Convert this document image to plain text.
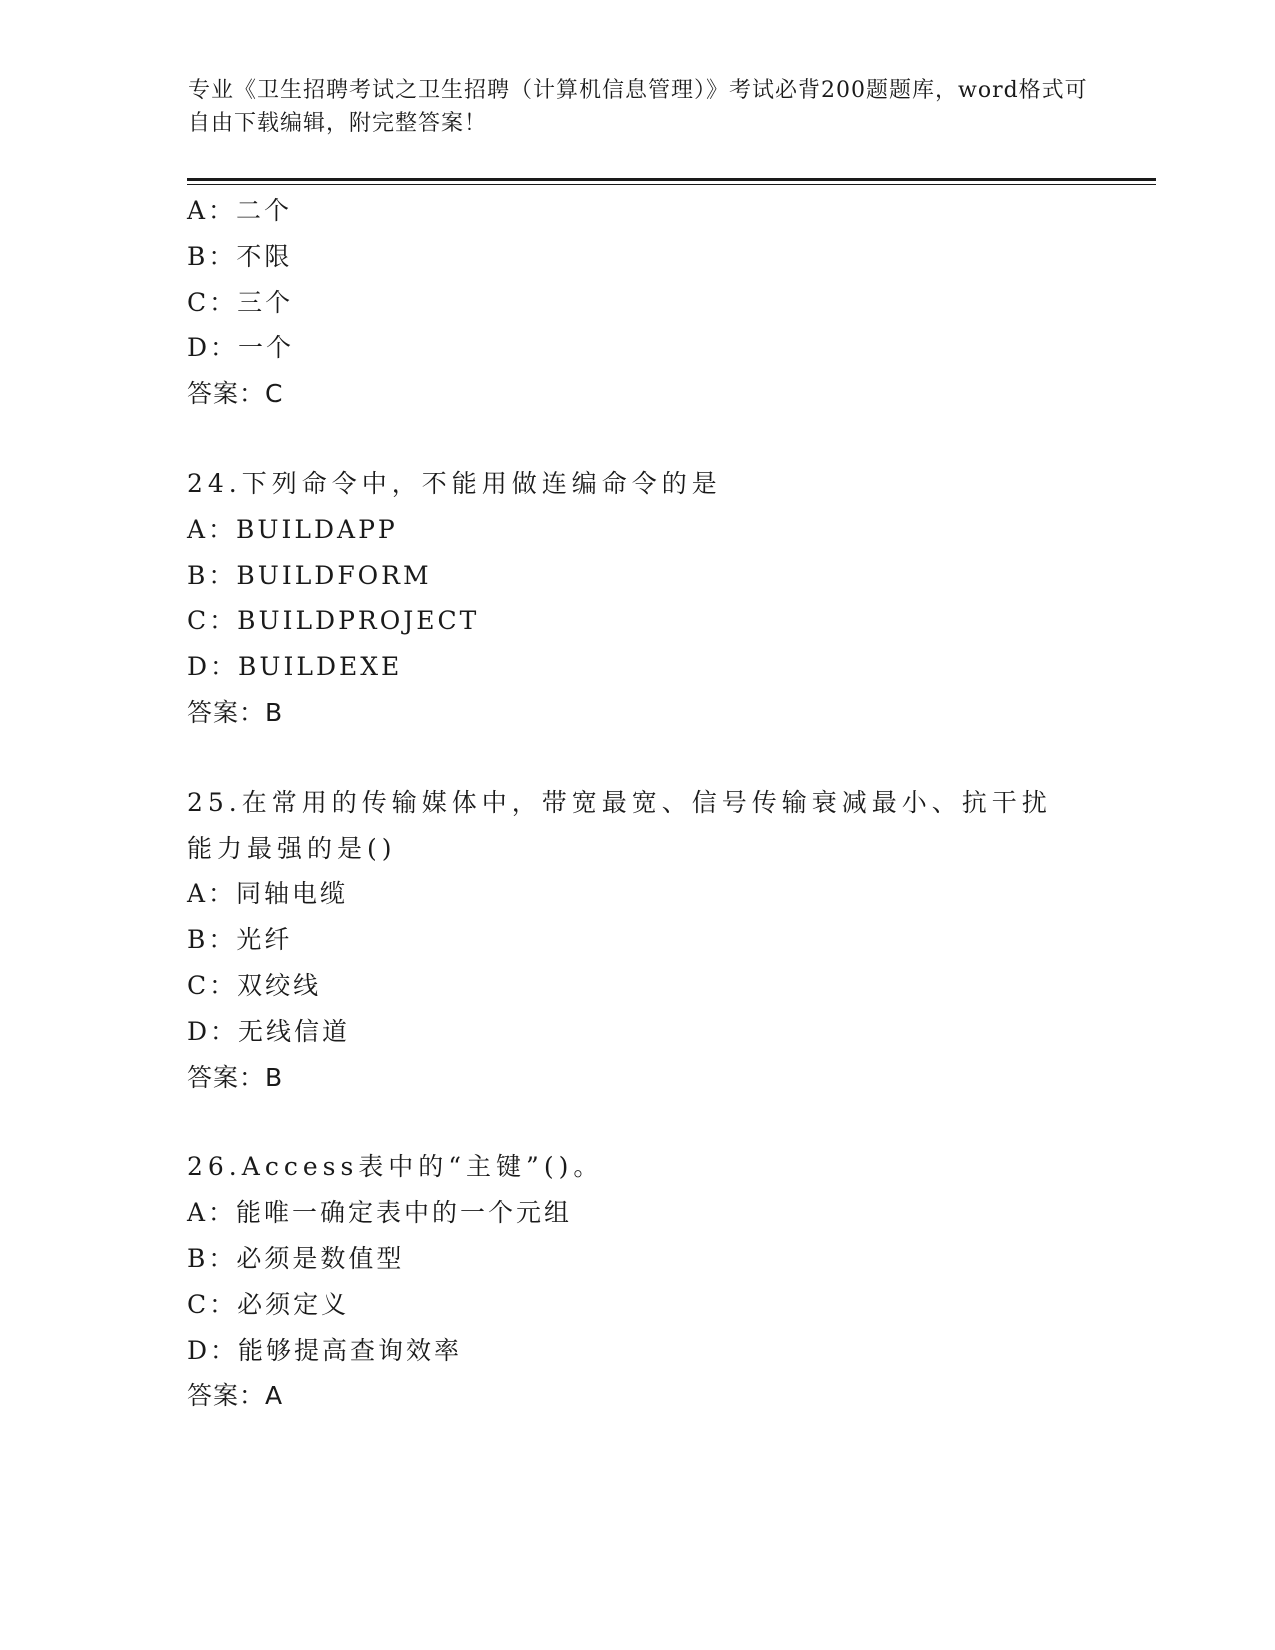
专业《卫生招聘考试之卫生招聘（计算机信息管理）》考试必背200题题库，word格式可自由下载编辑，附完整答案！
A：二个
B：不限
C：三个
D：一个
答案：C
24.下列命令中，不能用做连编命令的是
A：BUILDAPP
B：BUILDFORM
C：BUILDPROJECT
D：BUILDEXE
答案：B
25.在常用的传输媒体中，带宽最宽、信号传输衰减最小、抗干扰能力最强的是()
A：同轴电缆
B：光纤
C：双绞线
D：无线信道
答案：B
26.Access表中的“主键”()。
A：能唯一确定表中的一个元组
B：必须是数值型
C：必须定义
D：能够提高查询效率
答案：A
